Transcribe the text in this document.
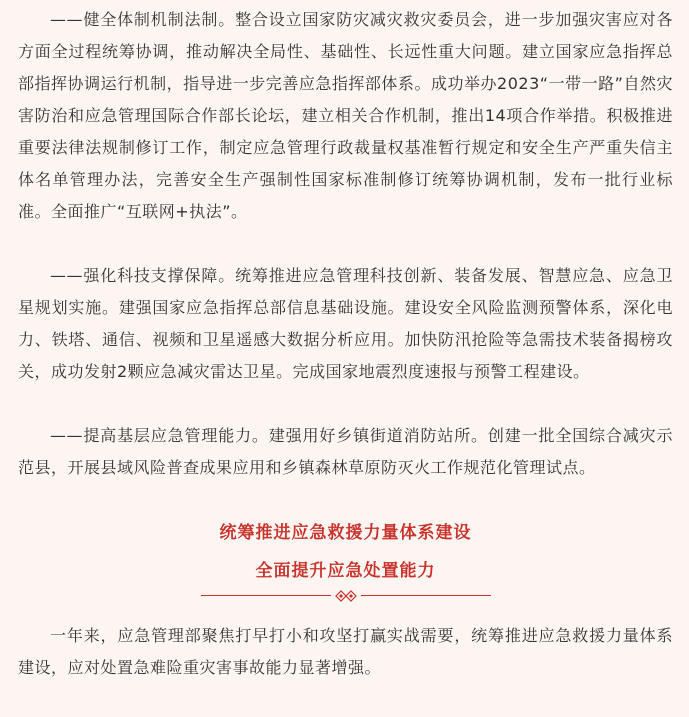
——健全体制机制法制。整合设立国家防灾减灾救灾委员会，进一步加强灾害应对各方面全过程统筹协调，推动解决全局性、基础性、长远性重大问题。建立国家应急指挥总部指挥协调运行机制，指导进一步完善应急指挥部体系。成功举办2023“一带一路”自然灾害防治和应急管理国际合作部长论坛，建立相关合作机制，推出14项合作举措。积极推进重要法律法规制修订工作，制定应急管理行政裁量权基准暂行规定和安全生产严重失信主体名单管理办法，完善安全生产强制性国家标准制修订统筹协调机制，发布一批行业标准。全面推广“互联网+执法”。

——强化科技支撑保障。统筹推进应急管理科技创新、装备发展、智慧应急、应急卫星规划实施。建强国家应急指挥总部信息基础设施。建设安全风险监测预警体系，深化电力、铁塔、通信、视频和卫星遥感大数据分析应用。加快防汛抢险等急需技术装备揭榜攻关，成功发射2颗应急减灾雷达卫星。完成国家地震烈度速报与预警工程建设。

——提高基层应急管理能力。建强用好乡镇街道消防站所。创建一批全国综合减灾示范县，开展县域风险普查成果应用和乡镇森林草原防灭火工作规范化管理试点。

统筹推进应急救援力量体系建设
全面提升应急处置能力

一年来，应急管理部聚焦打早打小和攻坚打赢实战需要，统筹推进应急救援力量体系建设，应对处置急难险重灾害事故能力显著增强。
